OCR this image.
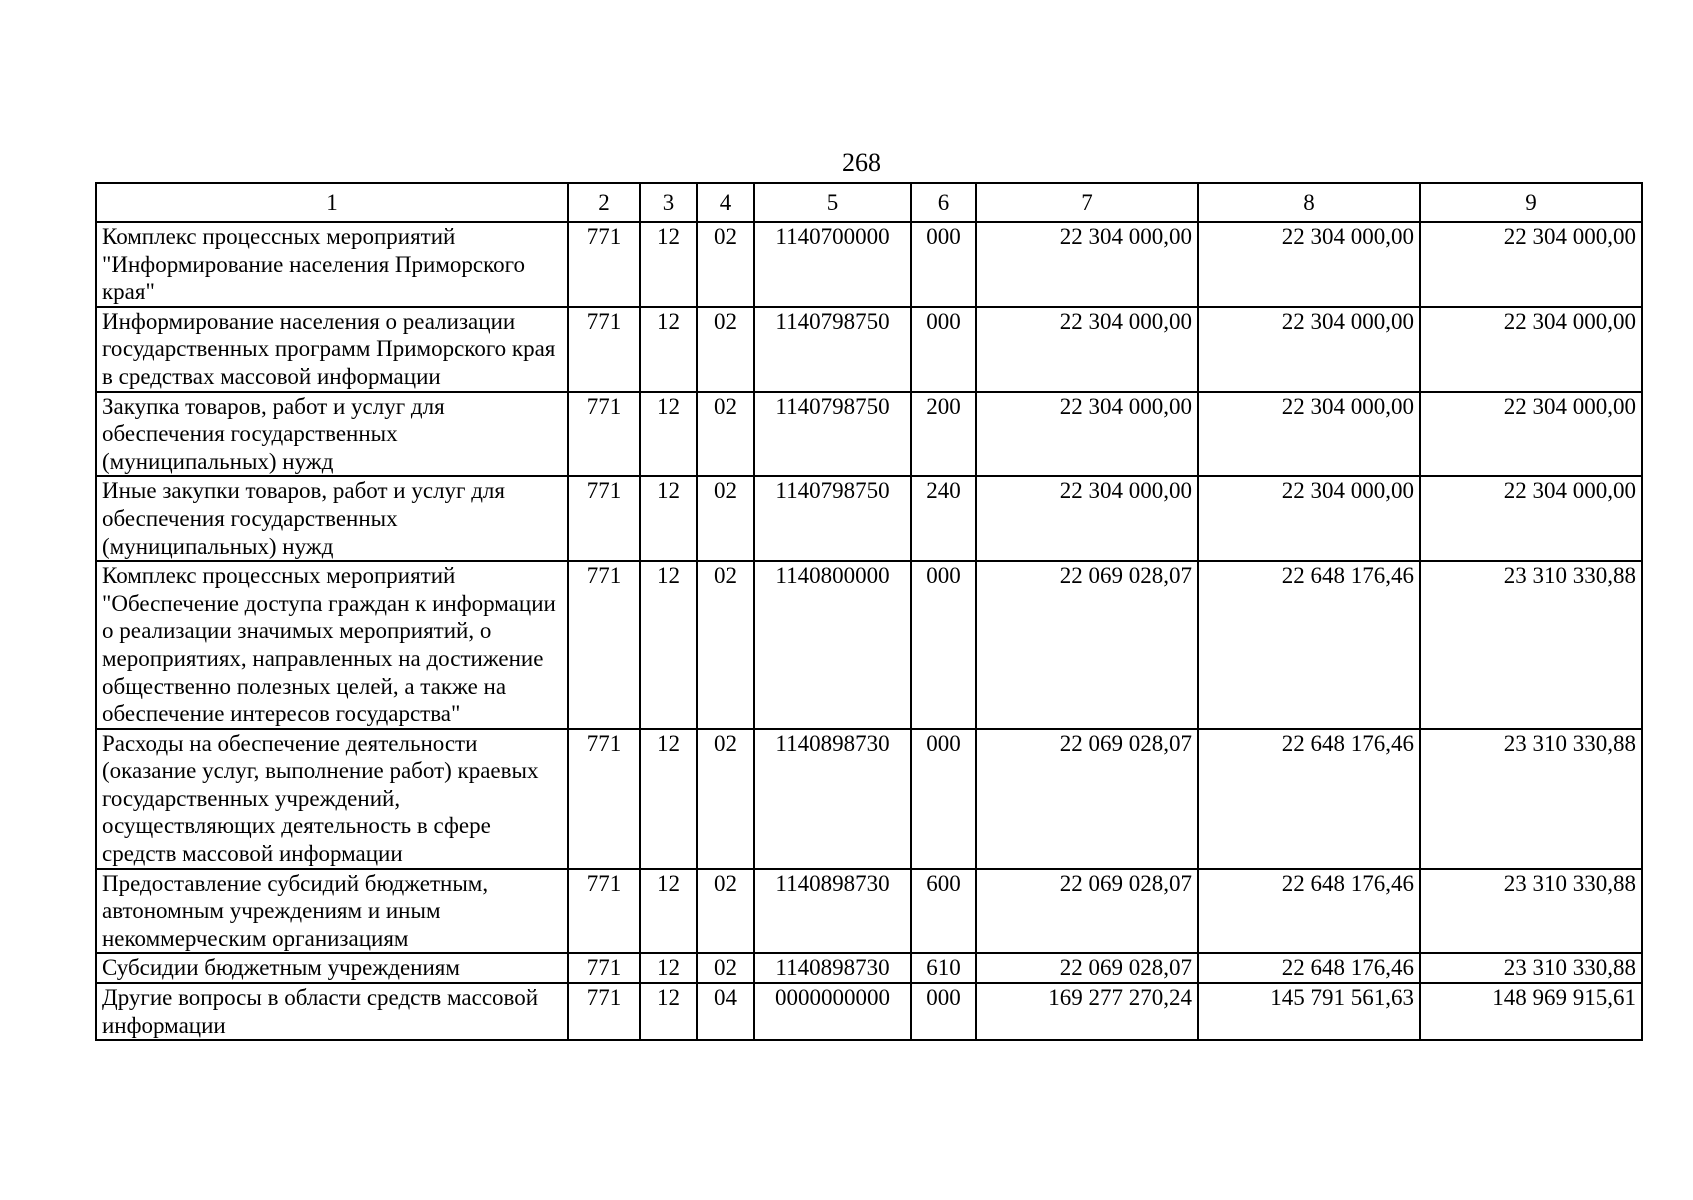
268
1	2	3	4	5	6	7	8	9
Комплекс процессных мероприятий "Информирование населения Приморского края"	771	12	02	1140700000	000	22 304 000,00	22 304 000,00	22 304 000,00
Информирование населения о реализации государственных программ Приморского края в средствах массовой информации	771	12	02	1140798750	000	22 304 000,00	22 304 000,00	22 304 000,00
Закупка товаров, работ и услуг для обеспечения государственных (муниципальных) нужд	771	12	02	1140798750	200	22 304 000,00	22 304 000,00	22 304 000,00
Иные закупки товаров, работ и услуг для обеспечения государственных (муниципальных) нужд	771	12	02	1140798750	240	22 304 000,00	22 304 000,00	22 304 000,00
Комплекс процессных мероприятий "Обеспечение доступа граждан к информации о реализации значимых мероприятий, о мероприятиях, направленных на достижение общественно полезных целей, а также на обеспечение интересов государства"	771	12	02	1140800000	000	22 069 028,07	22 648 176,46	23 310 330,88
Расходы на обеспечение деятельности (оказание услуг, выполнение работ) краевых государственных учреждений, осуществляющих деятельность в сфере средств массовой информации	771	12	02	1140898730	000	22 069 028,07	22 648 176,46	23 310 330,88
Предоставление субсидий бюджетным, автономным учреждениям и иным некоммерческим организациям	771	12	02	1140898730	600	22 069 028,07	22 648 176,46	23 310 330,88
Субсидии бюджетным учреждениям	771	12	02	1140898730	610	22 069 028,07	22 648 176,46	23 310 330,88
Другие вопросы в области средств массовой информации	771	12	04	0000000000	000	169 277 270,24	145 791 561,63	148 969 915,61
